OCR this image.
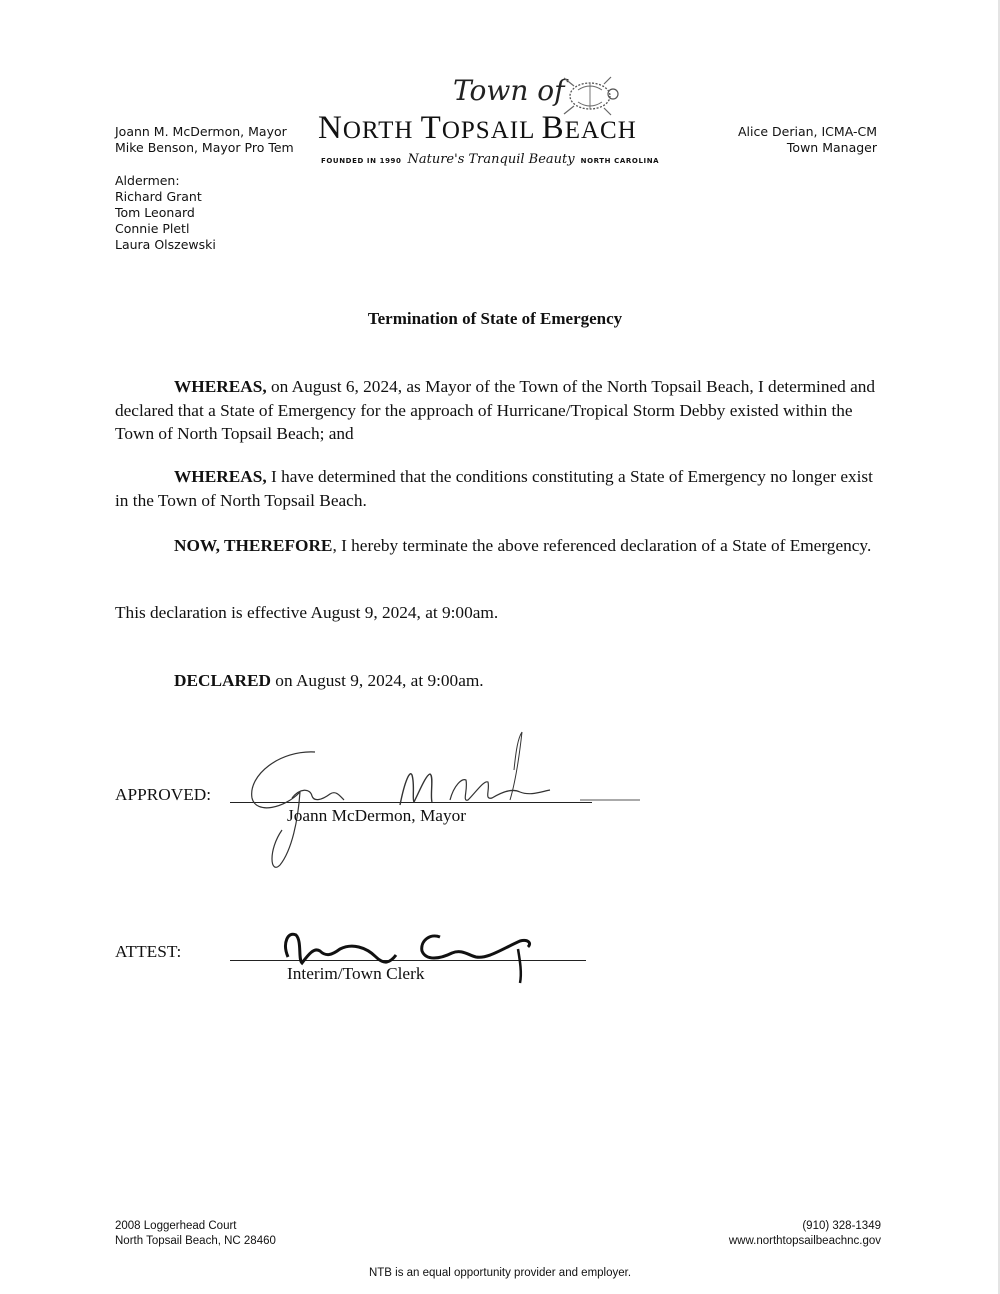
Joann M. McDermon, Mayor
Mike Benson, Mayor Pro Tem
Aldermen:
Richard Grant
Tom Leonard
Connie Pletl
Laura Olszewski
Alice Derian, ICMA-CM
Town Manager
Town of
NORTH TOPSAIL BEACH
FOUNDED IN 1990 Nature's Tranquil Beauty NORTH CAROLINA
Termination of State of Emergency
WHEREAS, on August 6, 2024, as Mayor of the Town of the North Topsail Beach, I determined and declared that a State of Emergency for the approach of Hurricane/Tropical Storm Debby existed within the Town of North Topsail Beach; and
WHEREAS, I have determined that the conditions constituting a State of Emergency no longer exist in the Town of North Topsail Beach.
NOW, THEREFORE, I hereby terminate the above referenced declaration of a State of Emergency.
This declaration is effective August 9, 2024, at 9:00am.
DECLARED on August 9, 2024, at 9:00am.
APPROVED:
Joann McDermon, Mayor
ATTEST:
Interim/Town Clerk
2008 Loggerhead Court
North Topsail Beach, NC 28460
(910) 328-1349
www.northtopsailbeachnc.gov
NTB is an equal opportunity provider and employer.
